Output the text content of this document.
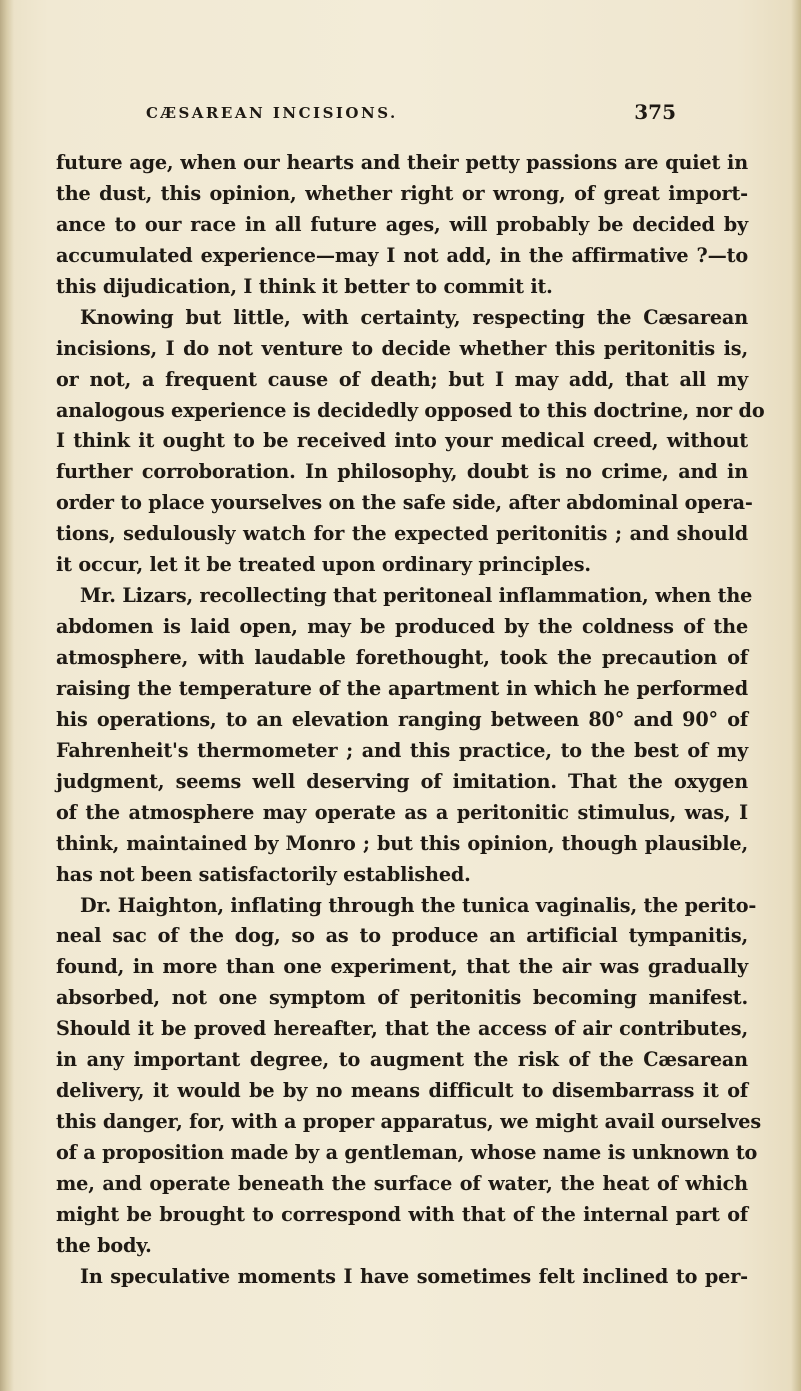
CÆSAREAN INCISIONS.	375
future age, when our hearts and their petty passions are quiet in
the dust, this opinion, whether right or wrong, of great import-
ance to our race in all future ages, will probably be decided by
accumulated experience—may I not add, in the affirmative ?—to
this dijudication, I think it better to commit it.
Knowing but little, with certainty, respecting the Cæsarean
incisions, I do not venture to decide whether this peritonitis is,
or not, a frequent cause of death; but I may add, that all my
analogous experience is decidedly opposed to this doctrine, nor do
I think it ought to be received into your medical creed, without
further corroboration. In philosophy, doubt is no crime, and in
order to place yourselves on the safe side, after abdominal opera-
tions, sedulously watch for the expected peritonitis ; and should
it occur, let it be treated upon ordinary principles.
Mr. Lizars, recollecting that peritoneal inflammation, when the
abdomen is laid open, may be produced by the coldness of the
atmosphere, with laudable forethought, took the precaution of
raising the temperature of the apartment in which he performed
his operations, to an elevation ranging between 80° and 90° of
Fahrenheit's thermometer ; and this practice, to the best of my
judgment, seems well deserving of imitation. That the oxygen
of the atmosphere may operate as a peritonitic stimulus, was, I
think, maintained by Monro ; but this opinion, though plausible,
has not been satisfactorily established.
Dr. Haighton, inflating through the tunica vaginalis, the perito-
neal sac of the dog, so as to produce an artificial tympanitis,
found, in more than one experiment, that the air was gradually
absorbed, not one symptom of peritonitis becoming manifest.
Should it be proved hereafter, that the access of air contributes,
in any important degree, to augment the risk of the Cæsarean
delivery, it would be by no means difficult to disembarrass it of
this danger, for, with a proper apparatus, we might avail ourselves
of a proposition made by a gentleman, whose name is unknown to
me, and operate beneath the surface of water, the heat of which
might be brought to correspond with that of the internal part of
the body.
In speculative moments I have sometimes felt inclined to per-
